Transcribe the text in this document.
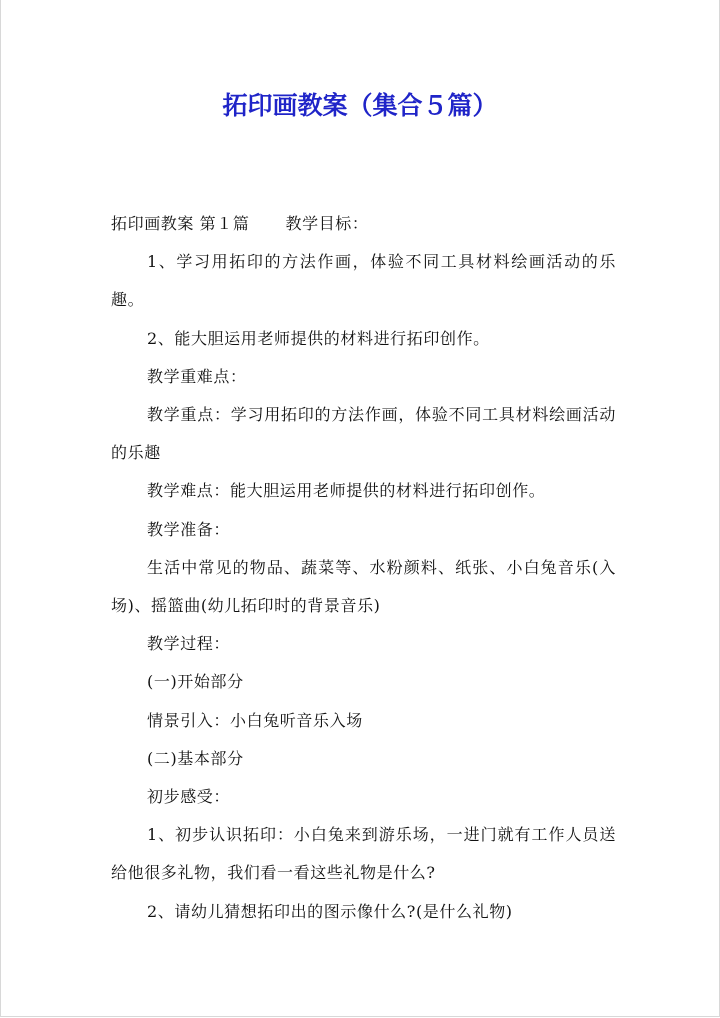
拓印画教案（集合５篇）

拓印画教案 第１篇 教学目标：

1、学习用拓印的方法作画，体验不同工具材料绘画活动的乐趣。

2、能大胆运用老师提供的材料进行拓印创作。

教学重难点：

教学重点：学习用拓印的方法作画，体验不同工具材料绘画活动的乐趣

教学难点：能大胆运用老师提供的材料进行拓印创作。

教学准备：

生活中常见的物品、蔬菜等、水粉颜料、纸张、小白兔音乐(入场)、摇篮曲(幼儿拓印时的背景音乐)

教学过程：

(一)开始部分

情景引入：小白兔听音乐入场

(二)基本部分

初步感受：

1、初步认识拓印：小白兔来到游乐场，一进门就有工作人员送给他很多礼物，我们看一看这些礼物是什么?

2、请幼儿猜想拓印出的图示像什么?(是什么礼物)
